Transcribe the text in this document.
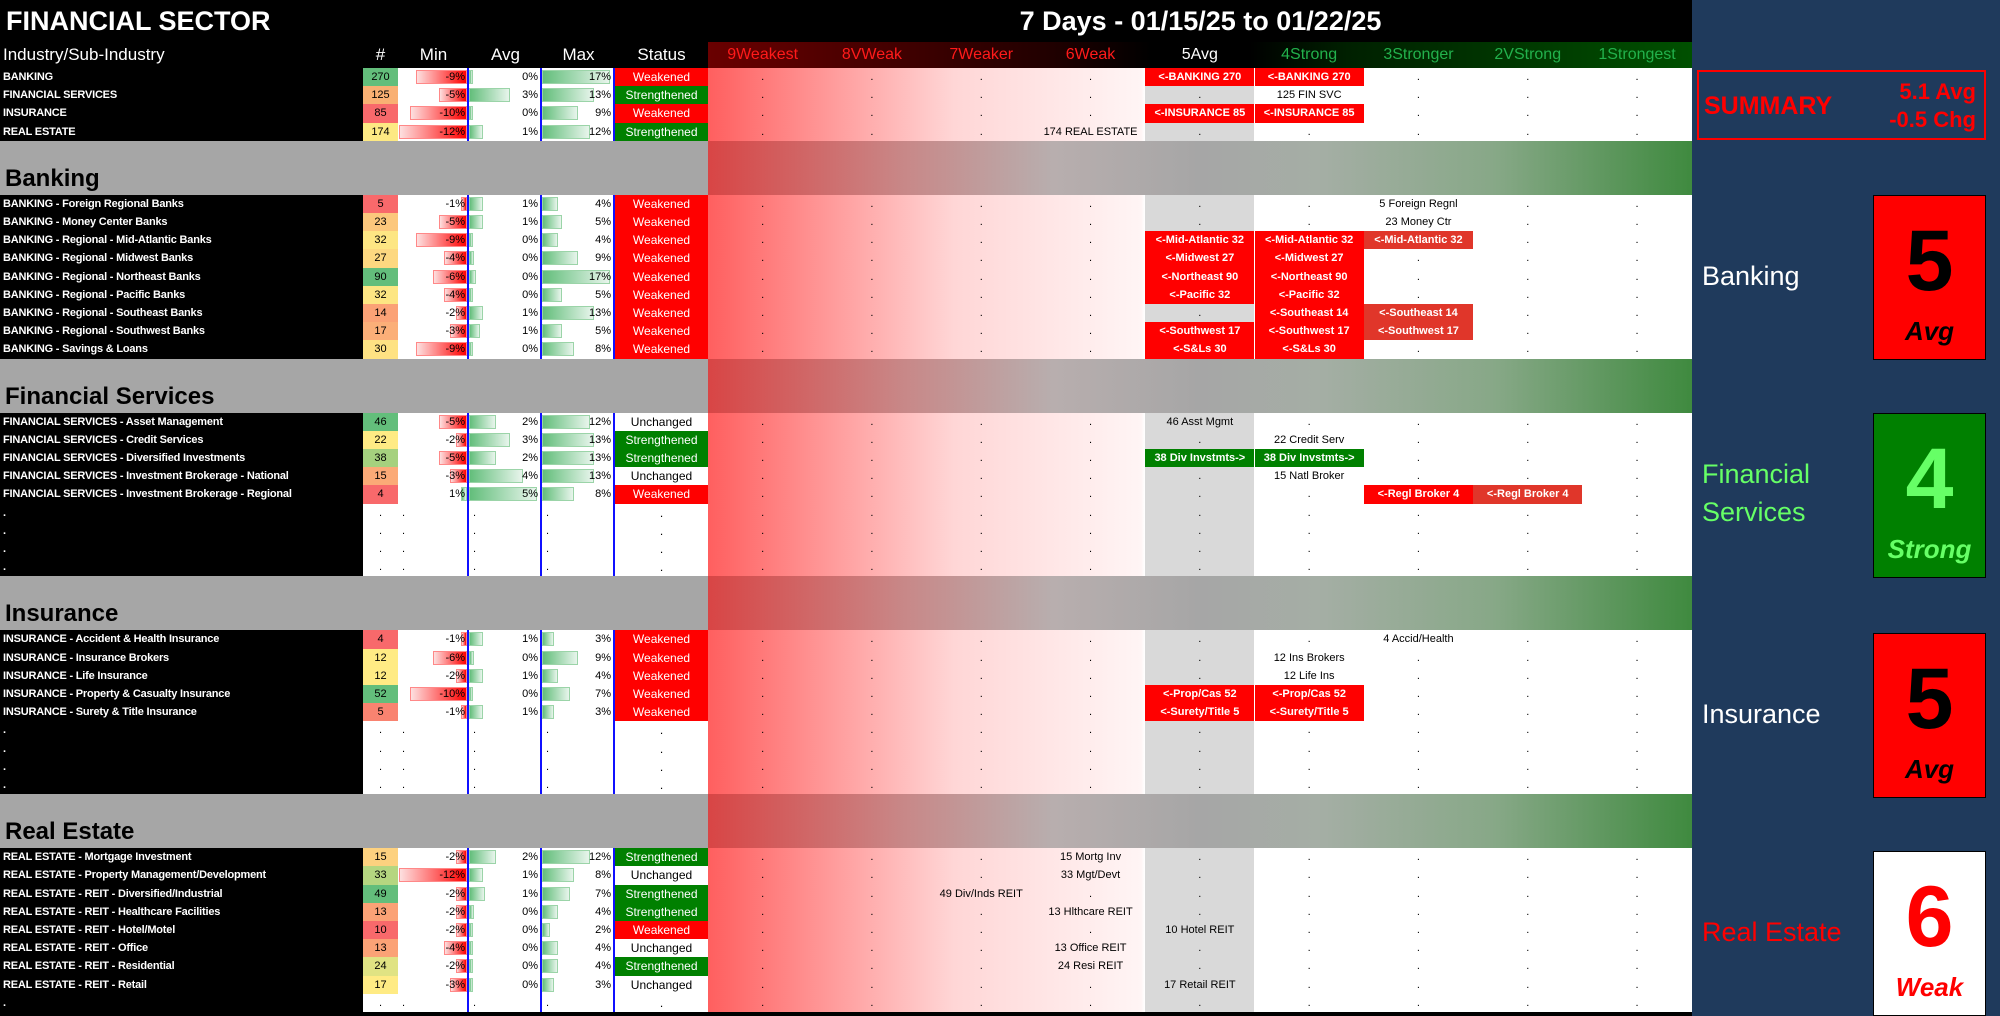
FINANCIAL SECTOR	7 Days - 01/15/25 to 01/22/25
Industry/Sub-Industry	#	Min	Avg	Max	Status	9Weakest	8VWeak	7Weaker	6Weak	5Avg	4Strong	3Stronger	2VStrong	1Strongest
BANKING	270	-9%	0%	17%	Weakened	.	.	.	.	<-BANKING 270	<-BANKING 270	.	.	.
FINANCIAL SERVICES	125	-5%	3%	13%	Strengthened	.	.	.	.	.	125 FIN SVC	.	.	.
INSURANCE	85	-10%	0%	9%	Weakened	.	.	.	.	<-INSURANCE 85	<-INSURANCE 85	.	.	.
REAL ESTATE	174	-12%	1%	12%	Strengthened	.	.	.	174 REAL ESTATE	.	.	.	.	.
Banking
BANKING - Foreign Regional Banks	5	-1%	1%	4%	Weakened	.	.	.	.	.	.	5 Foreign Regnl	.	.
BANKING - Money Center Banks	23	-5%	1%	5%	Weakened	.	.	.	.	.	.	23 Money Ctr	.	.
BANKING - Regional - Mid-Atlantic Banks	32	-9%	0%	4%	Weakened	.	.	.	.	<-Mid-Atlantic 32	<-Mid-Atlantic 32	<-Mid-Atlantic 32	.	.
BANKING - Regional - Midwest Banks	27	-4%	0%	9%	Weakened	.	.	.	.	<-Midwest 27	<-Midwest 27	.	.	.
BANKING - Regional - Northeast Banks	90	-6%	0%	17%	Weakened	.	.	.	.	<-Northeast 90	<-Northeast 90	.	.	.
BANKING - Regional - Pacific Banks	32	-4%	0%	5%	Weakened	.	.	.	.	<-Pacific 32	<-Pacific 32	.	.	.
BANKING - Regional - Southeast Banks	14	-2%	1%	13%	Weakened	.	.	.	.	.	<-Southeast 14	<-Southeast 14	.	.
BANKING - Regional - Southwest Banks	17	-3%	1%	5%	Weakened	.	.	.	.	<-Southwest 17	<-Southwest 17	<-Southwest 17	.	.
BANKING - Savings & Loans	30	-9%	0%	8%	Weakened	.	.	.	.	<-S&Ls 30	<-S&Ls 30	.	.	.
Financial Services
FINANCIAL SERVICES - Asset Management	46	-5%	2%	12%	Unchanged	.	.	.	.	46 Asst Mgmt	.	.	.	.
FINANCIAL SERVICES - Credit Services	22	-2%	3%	13%	Strengthened	.	.	.	.	.	22 Credit Serv	.	.	.
FINANCIAL SERVICES - Diversified Investments	38	-5%	2%	13%	Strengthened	.	.	.	.	38 Div Invstmts->	38 Div Invstmts->	.	.	.
FINANCIAL SERVICES - Investment Brokerage - National	15	-3%	4%	13%	Unchanged	.	.	.	.	.	15 Natl Broker	.	.	.
FINANCIAL SERVICES - Investment Brokerage - Regional	4	1%	5%	8%	Weakened	.	.	.	.	.	.	<-Regl Broker 4	<-Regl Broker 4	.
.	.	.	.	.	.	.	.	.	.	.	.	.	.	.
.	.	.	.	.	.	.	.	.	.	.	.	.	.	.
.	.	.	.	.	.	.	.	.	.	.	.	.	.	.
.	.	.	.	.	.	.	.	.	.	.	.	.	.	.
Insurance
INSURANCE - Accident & Health Insurance	4	-1%	1%	3%	Weakened	.	.	.	.	.	.	4 Accid/Health	.	.
INSURANCE - Insurance Brokers	12	-6%	0%	9%	Weakened	.	.	.	.	.	12 Ins Brokers	.	.	.
INSURANCE - Life Insurance	12	-2%	1%	4%	Weakened	.	.	.	.	.	12 Life Ins	.	.	.
INSURANCE - Property & Casualty Insurance	52	-10%	0%	7%	Weakened	.	.	.	.	<-Prop/Cas 52	<-Prop/Cas 52	.	.	.
INSURANCE - Surety & Title Insurance	5	-1%	1%	3%	Weakened	.	.	.	.	<-Surety/Title 5	<-Surety/Title 5	.	.	.
.	.	.	.	.	.	.	.	.	.	.	.	.	.	.
.	.	.	.	.	.	.	.	.	.	.	.	.	.	.
.	.	.	.	.	.	.	.	.	.	.	.	.	.	.
.	.	.	.	.	.	.	.	.	.	.	.	.	.	.
Real Estate
REAL ESTATE - Mortgage Investment	15	-2%	2%	12%	Strengthened	.	.	.	15 Mortg Inv	.	.	.	.	.
REAL ESTATE - Property Management/Development	33	-12%	1%	8%	Unchanged	.	.	.	33 Mgt/Devt	.	.	.	.	.
REAL ESTATE - REIT - Diversified/Industrial	49	-2%	1%	7%	Strengthened	.	.	49 Div/Inds REIT	.	.	.	.	.	.
REAL ESTATE - REIT - Healthcare Facilities	13	-2%	0%	4%	Strengthened	.	.	.	13 Hlthcare REIT	.	.	.	.	.
REAL ESTATE - REIT - Hotel/Motel	10	-2%	0%	2%	Weakened	.	.	.	.	10 Hotel REIT	.	.	.	.
REAL ESTATE - REIT - Office	13	-4%	0%	4%	Unchanged	.	.	.	13 Office REIT	.	.	.	.	.
REAL ESTATE - REIT - Residential	24	-2%	0%	4%	Strengthened	.	.	.	24 Resi REIT	.	.	.	.	.
REAL ESTATE - REIT - Retail	17	-3%	0%	3%	Unchanged	.	.	.	.	17 Retail REIT	.	.	.	.
.	.	.	.	.	.	.	.	.	.	.	.	.	.	.
SUMMARY
5.1 Avg
-0.5 Chg
Banking	5
Avg
Financial Services	4
Strong
Insurance 5
Avg
Real Estate 6
Weak
